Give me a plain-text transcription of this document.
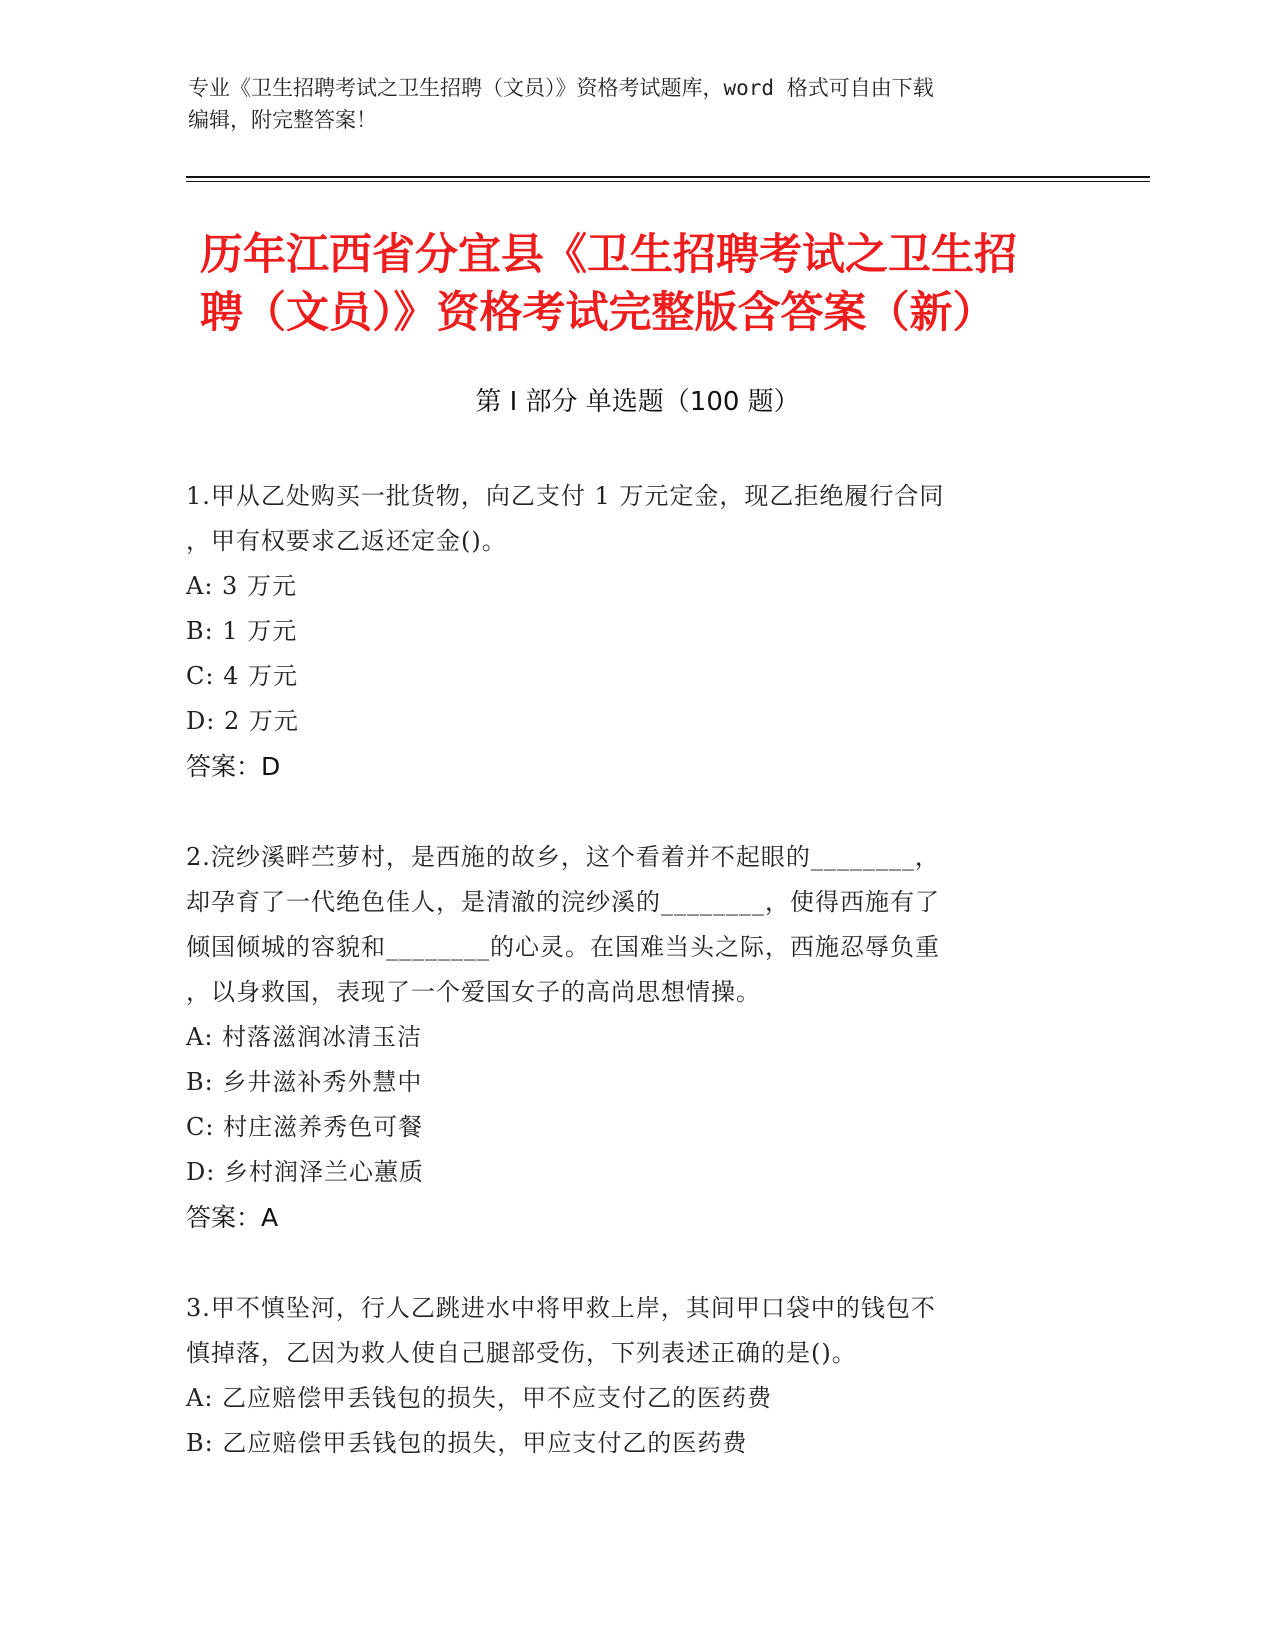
专业《卫生招聘考试之卫生招聘（文员）》资格考试题库，word 格式可自由下载
编辑，附完整答案！
历年江西省分宜县《卫生招聘考试之卫生招
聘（文员）》资格考试完整版含答案（新）
第 I 部分 单选题（100 题）
1.甲从乙处购买一批货物，向乙支付 1 万元定金，现乙拒绝履行合同
，甲有权要求乙返还定金()。
A: 3 万元
B: 1 万元
C: 4 万元
D: 2 万元
答案：D
2.浣纱溪畔苎萝村，是西施的故乡，这个看着并不起眼的________，
却孕育了一代绝色佳人，是清澈的浣纱溪的________，使得西施有了
倾国倾城的容貌和________的心灵。在国难当头之际，西施忍辱负重
，以身救国，表现了一个爱国女子的高尚思想情操。
A: 村落滋润冰清玉洁
B: 乡井滋补秀外慧中
C: 村庄滋养秀色可餐
D: 乡村润泽兰心蕙质
答案：A
3.甲不慎坠河，行人乙跳进水中将甲救上岸，其间甲口袋中的钱包不
慎掉落，乙因为救人使自己腿部受伤，下列表述正确的是()。
A: 乙应赔偿甲丢钱包的损失，甲不应支付乙的医药费
B: 乙应赔偿甲丢钱包的损失，甲应支付乙的医药费
